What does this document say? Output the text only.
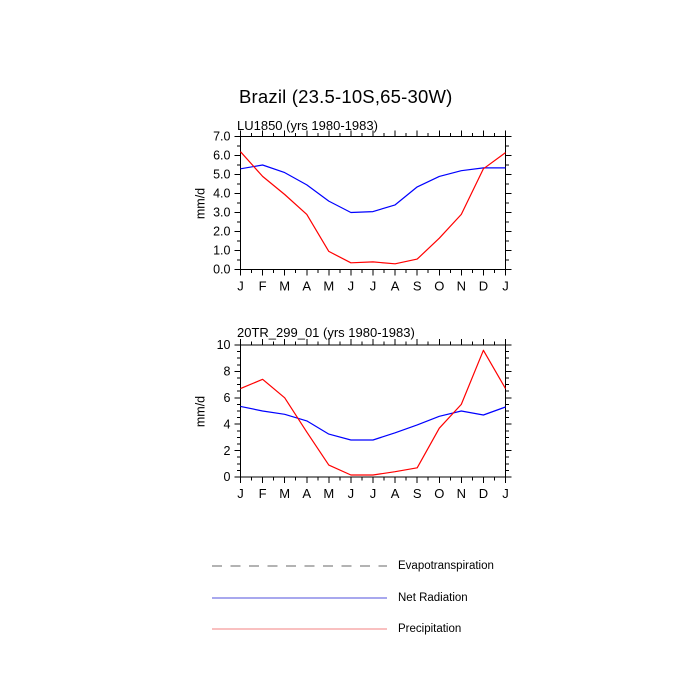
Brazil (23.5-10S,65-30W)
LU1850 (yrs 1980-1983)
mm/d
J F M A M J J A S O N D J
0.0
1.0
2.0
3.0
4.0
5.0
6.0
7.0
20TR_299_01 (yrs 1980-1983)
mm/d
J F M A M J J A S O N D J
0
2
4
6
8
10
Evapotranspiration
Net Radiation
Precipitation
